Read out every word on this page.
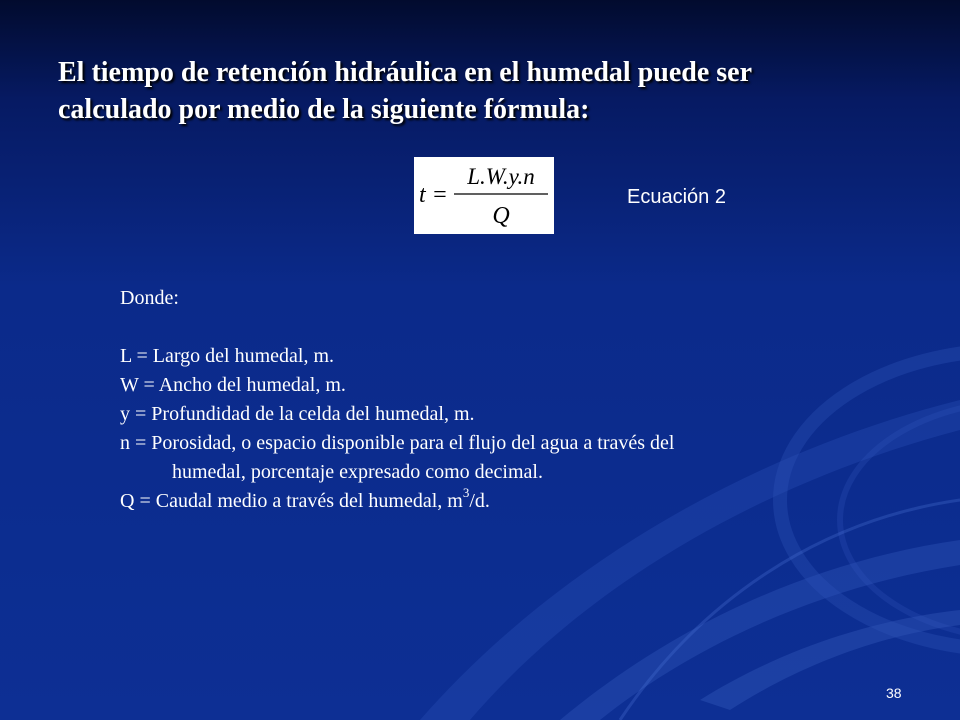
El tiempo de retención hidráulica en el humedal puede ser
calculado por medio de la siguiente fórmula:
t =
L.W.y.n
Q
Ecuación 2
Donde:
L = Largo del humedal, m.
W = Ancho del humedal, m.
y = Profundidad de la celda del humedal, m.
n = Porosidad, o espacio disponible para el flujo del agua a través del
humedal, porcentaje expresado como decimal.
Q = Caudal medio a través del humedal, $m^3/d$.
38
